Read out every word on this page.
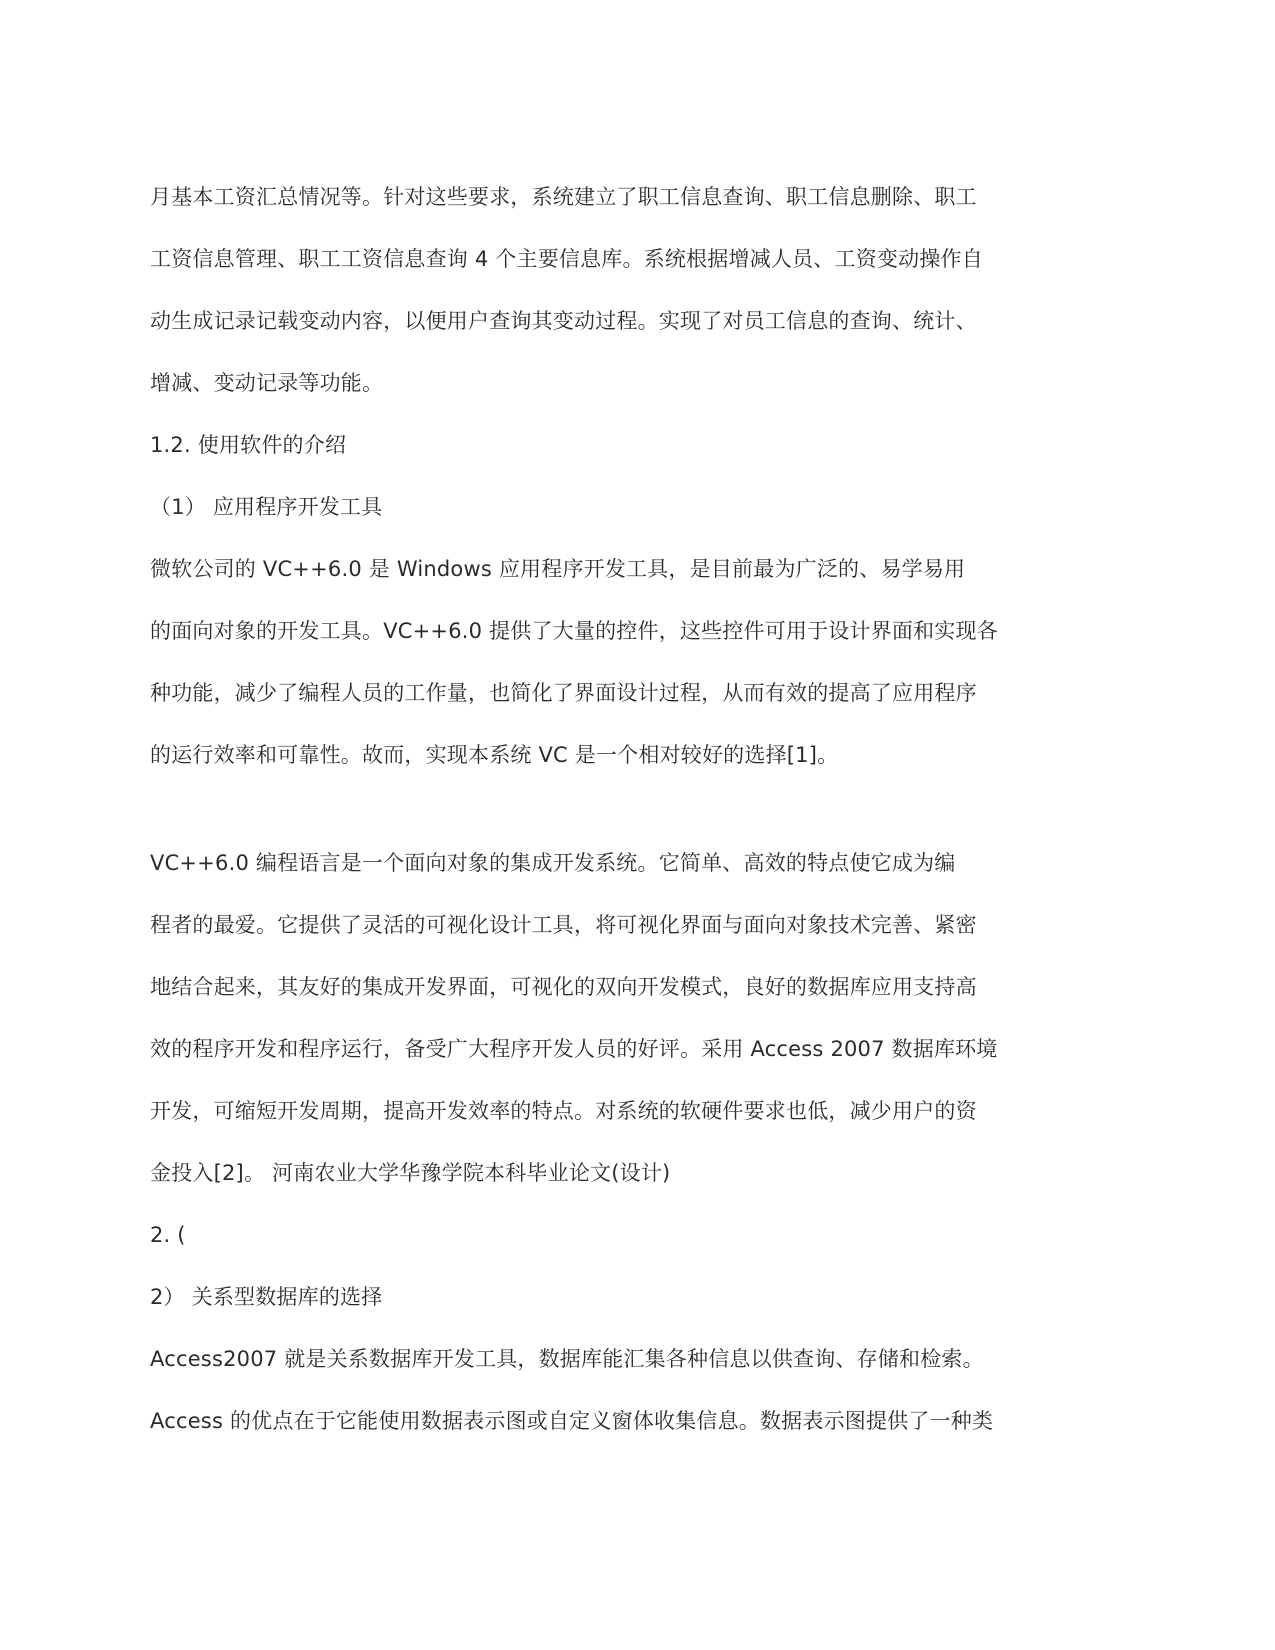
月基本工资汇总情况等。针对这些要求，系统建立了职工信息查询、职工信息删除、职工
工资信息管理、职工工资信息查询 4 个主要信息库。系统根据增减人员、工资变动操作自
动生成记录记载变动内容，以便用户查询其变动过程。实现了对员工信息的查询、统计、
增减、变动记录等功能。
1.2. 使用软件的介绍
（1） 应用程序开发工具
微软公司的 VC++6.0 是 Windows 应用程序开发工具，是目前最为广泛的、易学易用
的面向对象的开发工具。VC++6.0 提供了大量的控件，这些控件可用于设计界面和实现各
种功能，减少了编程人员的工作量，也简化了界面设计过程，从而有效的提高了应用程序
的运行效率和可靠性。故而，实现本系统 VC 是一个相对较好的选择[1]。
VC++6.0 编程语言是一个面向对象的集成开发系统。它简单、高效的特点使它成为编
程者的最爱。它提供了灵活的可视化设计工具，将可视化界面与面向对象技术完善、紧密
地结合起来，其友好的集成开发界面，可视化的双向开发模式，良好的数据库应用支持高
效的程序开发和程序运行，备受广大程序开发人员的好评。采用 Access 2007 数据库环境
开发，可缩短开发周期，提高开发效率的特点。对系统的软硬件要求也低，减少用户的资
金投入[2]。 河南农业大学华豫学院本科毕业论文(设计)
2. (
2） 关系型数据库的选择
Access2007 就是关系数据库开发工具，数据库能汇集各种信息以供查询、存储和检索。
Access 的优点在于它能使用数据表示图或自定义窗体收集信息。数据表示图提供了一种类
